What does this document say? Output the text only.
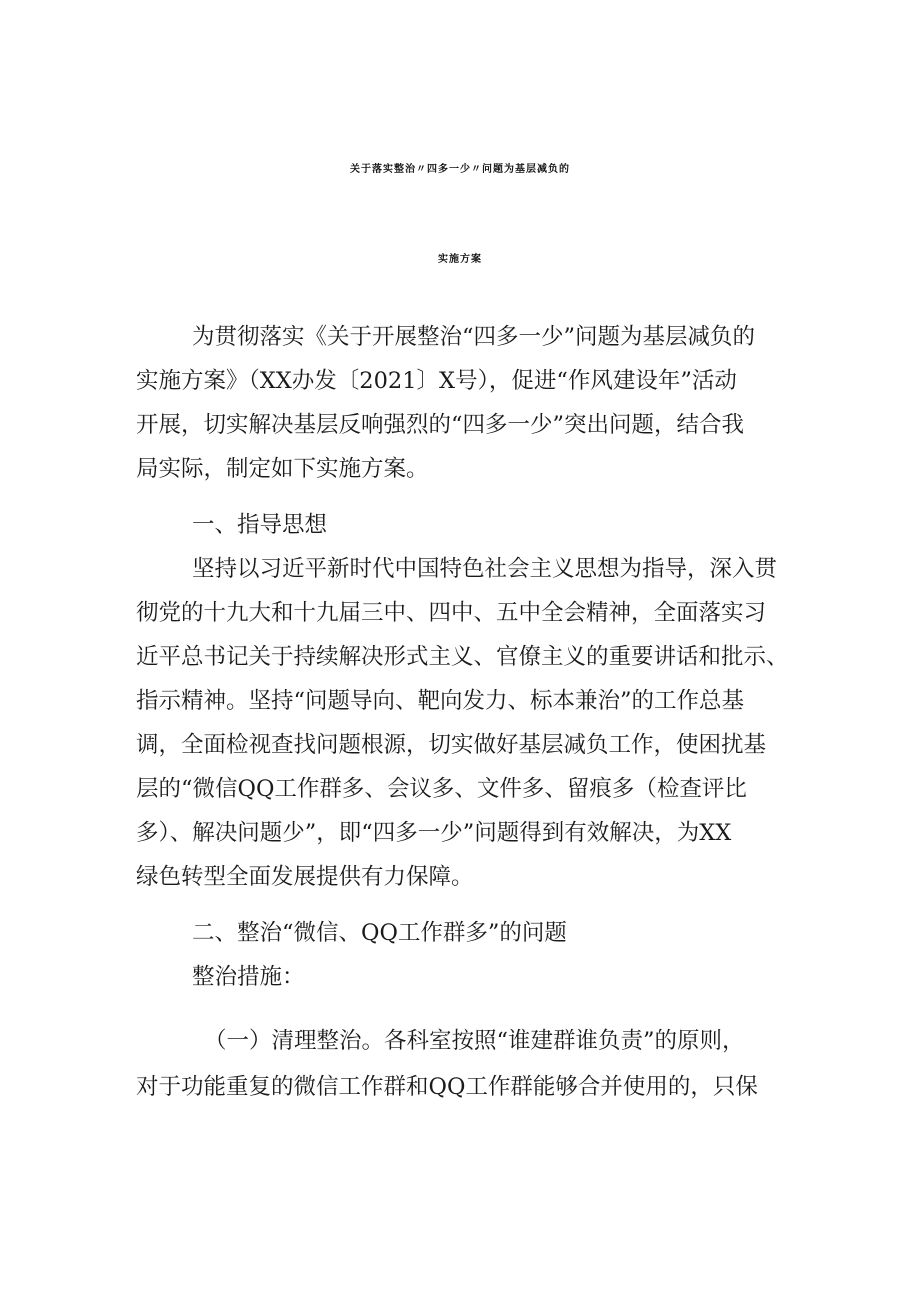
关于落实整治〃四多一少〃问题为基层减负的
实施方案
为贯彻落实《关于开展整治“四多一少”问题为基层减负的
实施方案》（XX办发〔2021〕X号），促进“作风建设年”活动
开展，切实解决基层反响强烈的“四多一少”突出问题，结合我
局实际，制定如下实施方案。
一、指导思想
坚持以习近平新时代中国特色社会主义思想为指导，深入贯
彻党的十九大和十九届三中、四中、五中全会精神，全面落实习
近平总书记关于持续解决形式主义、官僚主义的重要讲话和批示、
指示精神。坚持“问题导向、靶向发力、标本兼治”的工作总基
调，全面检视查找问题根源，切实做好基层减负工作，使困扰基
层的“微信QQ工作群多、会议多、文件多、留痕多（检查评比
多）、解决问题少”，即“四多一少”问题得到有效解决，为XX
绿色转型全面发展提供有力保障。
二、整治“微信、QQ工作群多”的问题
整治措施：
（一）清理整治。各科室按照“谁建群谁负责”的原则，
对于功能重复的微信工作群和QQ工作群能够合并使用的，只保
